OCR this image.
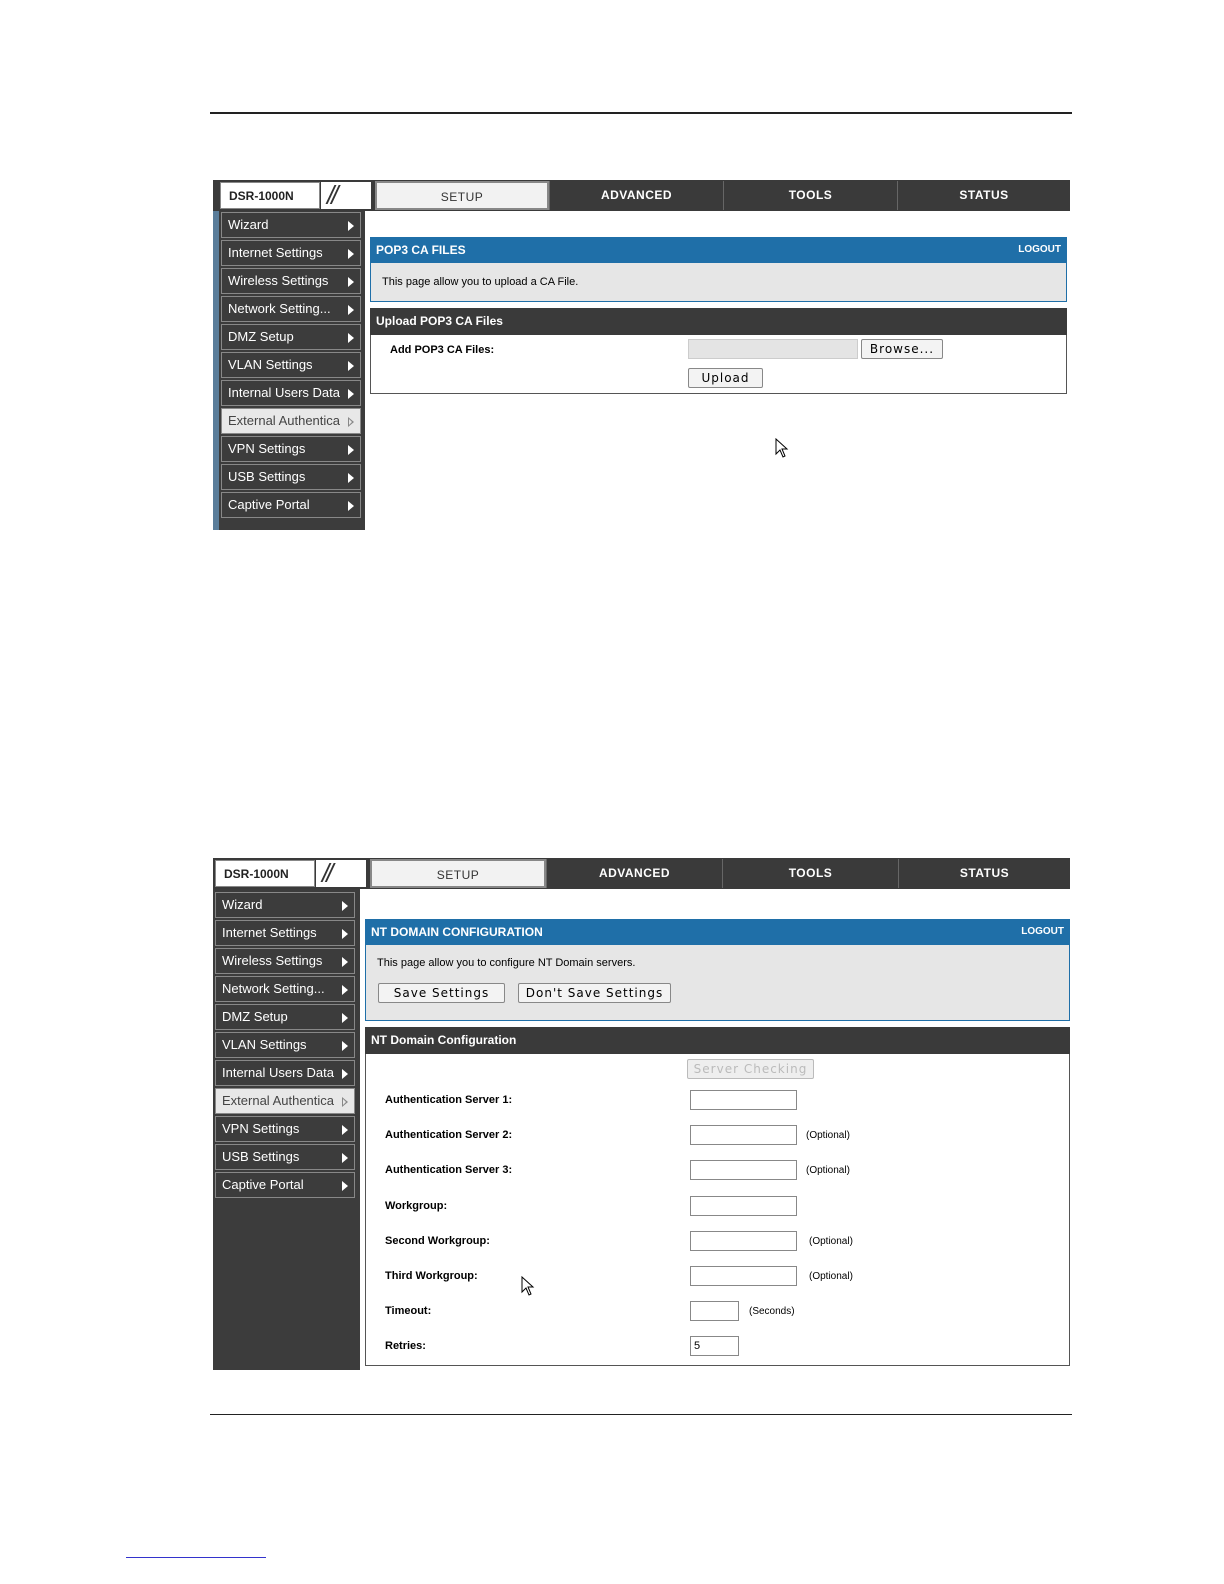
DSR-1000N	//	SETUP	ADVANCED	TOOLS	STATUS
Wizard
Internet Settings
Wireless Settings
Network Setting...
DMZ Setup
VLAN Settings
Internal Users Data
External Authentica
VPN Settings
USB Settings
Captive Portal
POP3 CA FILES	LOGOUT
This page allow you to upload a CA File.
Upload POP3 CA Files
Add POP3 CA Files:	Browse...
Upload
DSR-1000N	//	SETUP	ADVANCED	TOOLS	STATUS
Wizard
Internet Settings
Wireless Settings
Network Setting...
DMZ Setup
VLAN Settings
Internal Users Data
External Authentica
VPN Settings
USB Settings
Captive Portal
NT DOMAIN CONFIGURATION	LOGOUT
This page allow you to configure NT Domain servers.
Save Settings	Don't Save Settings
NT Domain Configuration
Server Checking
Authentication Server 1:
Authentication Server 2:	(Optional)
Authentication Server 3:	(Optional)
Workgroup:
Second Workgroup:	(Optional)
Third Workgroup:	(Optional)
Timeout:	(Seconds)
Retries:	5
